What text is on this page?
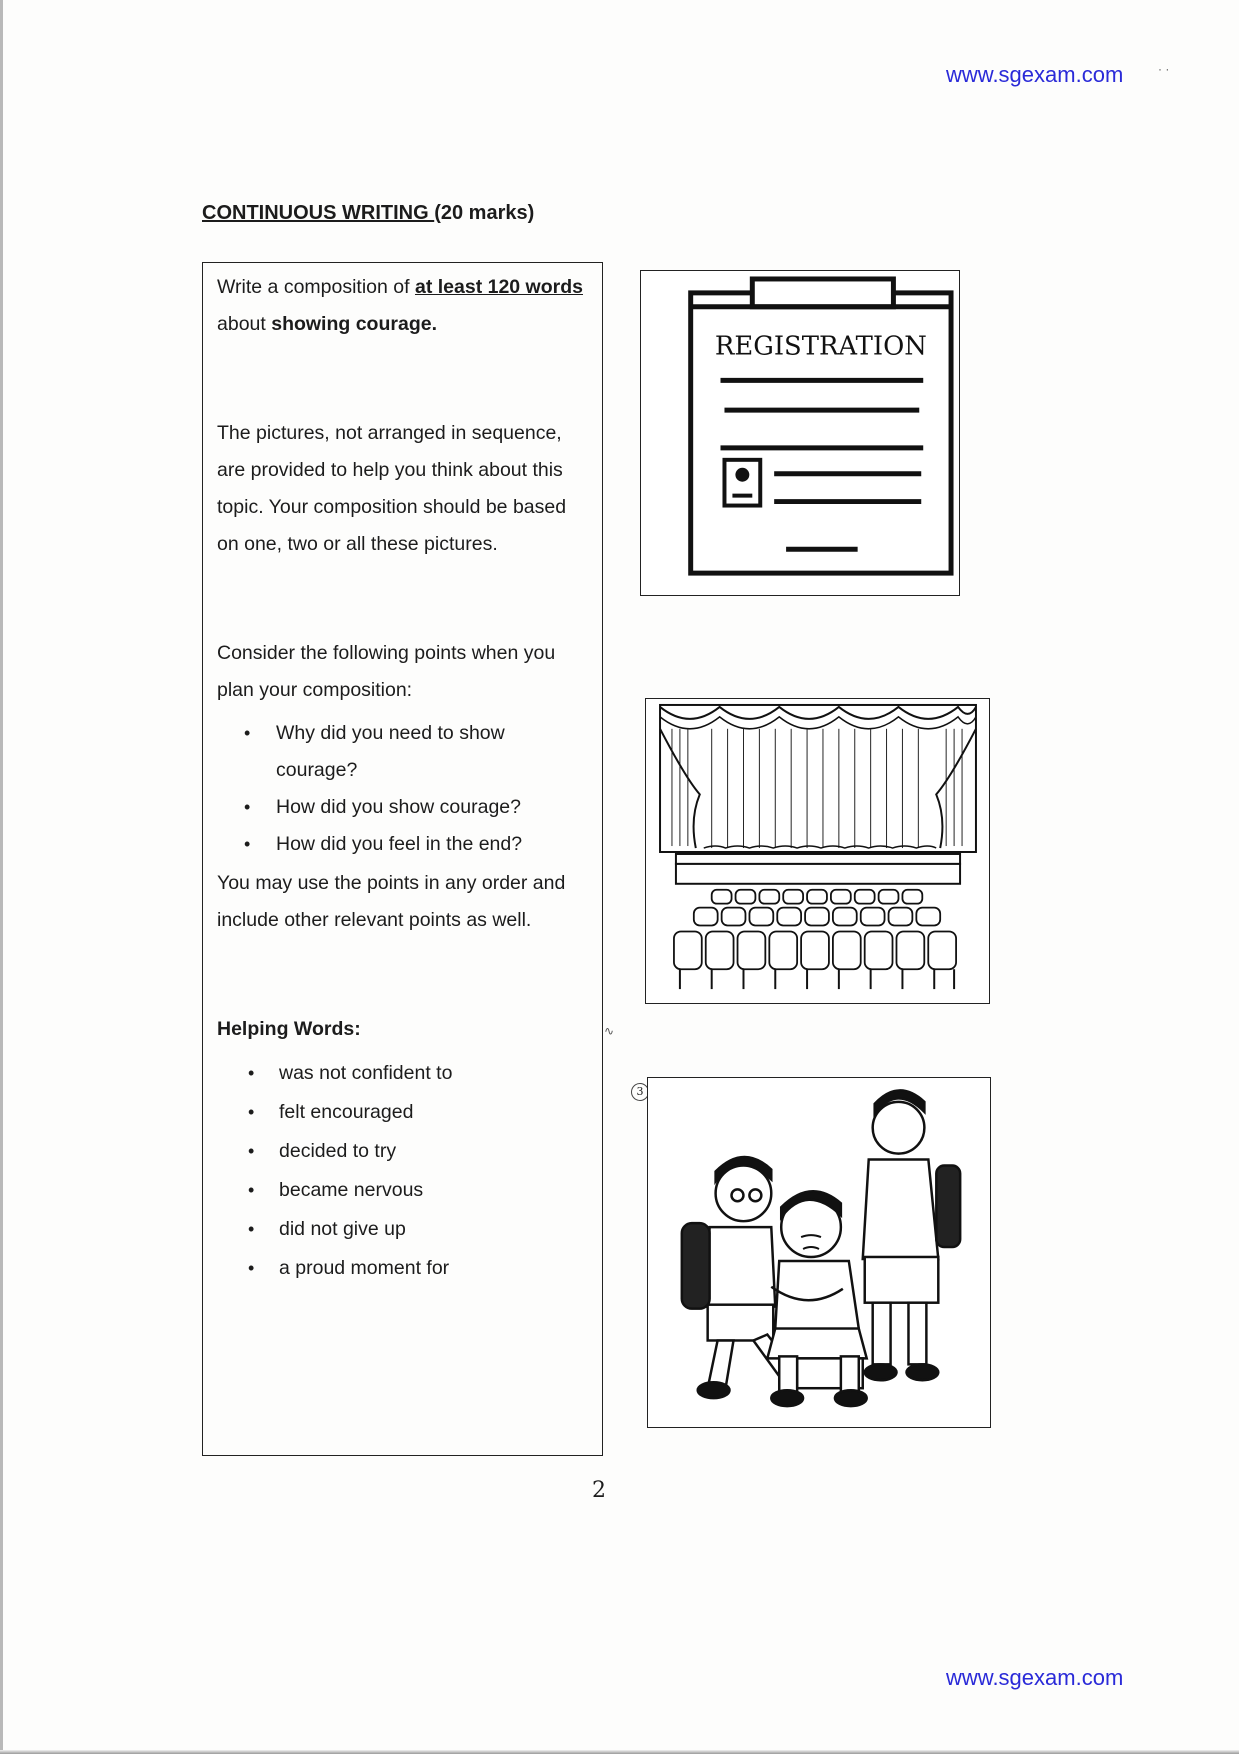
www.sgexam.com	· ·
CONTINUOUS WRITING (20 marks)

Write a composition of at least 120 words about showing courage.

The pictures, not arranged in sequence, are provided to help you think about this topic. Your composition should be based on one, two or all these pictures.

Consider the following points when you plan your composition:

• Why did you need to show courage?
• How did you show courage?
• How did you feel in the end?

You may use the points in any order and include other relevant points as well.

Helping Words:

• was not confident to
• felt encouraged
• decided to try
• became nervous
• did not give up
• a proud moment for
REGISTRATION
∿
3
2
www.sgexam.com
